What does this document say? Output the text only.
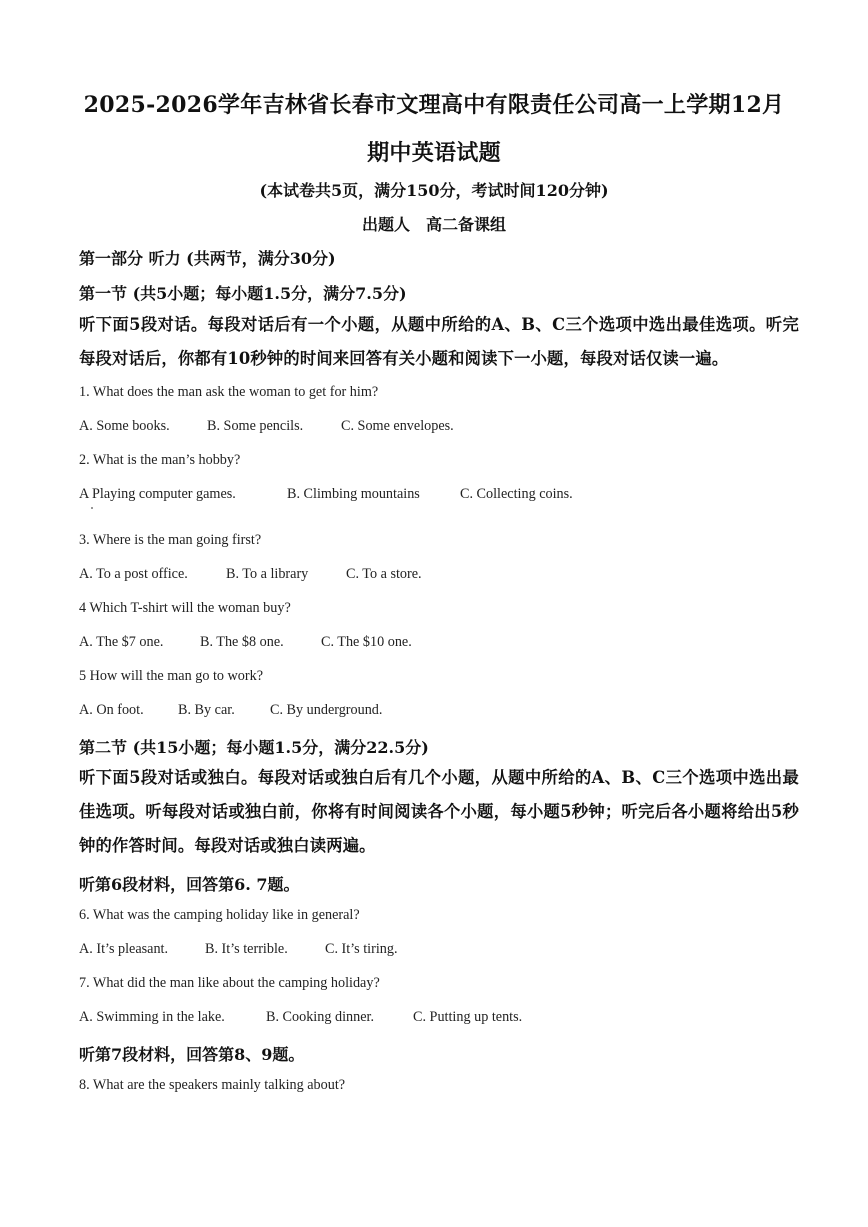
2025-2026学年吉林省长春市文理高中有限责任公司高一上学期12月
期中英语试题
(本试卷共5页，满分150分，考试时间120分钟)
出题人　高二备课组
第一部分 听力 (共两节，满分30分)
第一节 (共5小题；每小题1.5分，满分7.5分)
听下面5段对话。每段对话后有一个小题，从题中所给的A、B、C三个选项中选出最佳选项。听完每段对话后，你都有10秒钟的时间来回答有关小题和阅读下一小题，每段对话仅读一遍。
1. What does the man ask the woman to get for him?
A. Some books.	B. Some pencils.	C. Some envelopes.
2. What is the man’s hobby?
A Playing computer games.	B. Climbing mountains	C. Collecting coins.
3. Where is the man going first?
A. To a post office.	B. To a library	C. To a store.
4 Which T-shirt will the woman buy?
A. The $7 one.	B. The $8 one.	C. The $10 one.
5 How will the man go to work?
A. On foot. B. By car. C. By underground.
第二节 (共15小题；每小题1.5分，满分22.5分)
听下面5段对话或独白。每段对话或独白后有几个小题，从题中所给的A、B、C三个选项中选出最佳选项。听每段对话或独白前，你将有时间阅读各个小题，每小题5秒钟；听完后各小题将给出5秒钟的作答时间。每段对话或独白读两遍。
听第6段材料，回答第6. 7题。
6. What was the camping holiday like in general?
A. It’s pleasant.	B. It’s terrible.	C. It’s tiring.
7. What did the man like about the camping holiday?
A. Swimming in the lake.	B. Cooking dinner.	C. Putting up tents.
听第7段材料，回答第8、9题。
8. What are the speakers mainly talking about?
